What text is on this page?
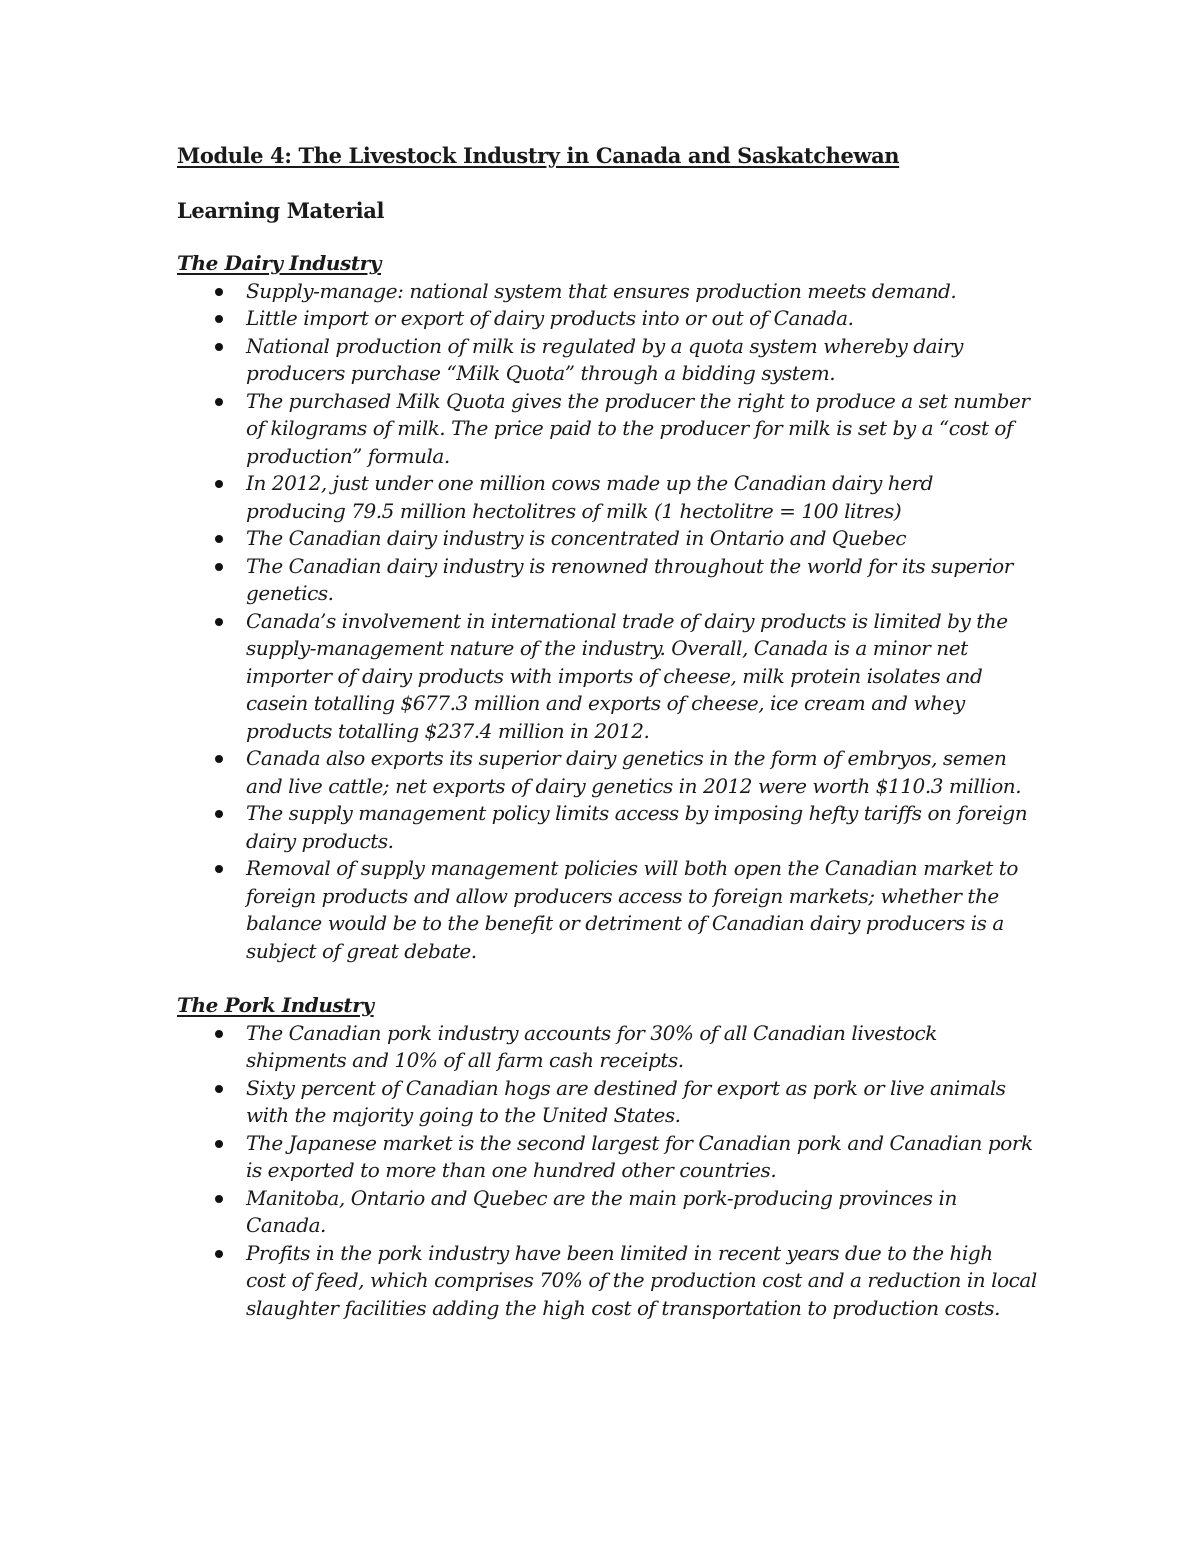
Module 4: The Livestock Industry in Canada and Saskatchewan
Learning Material
The Dairy Industry
Supply-manage: national system that ensures production meets demand.
Little import or export of dairy products into or out of Canada.
National production of milk is regulated by a quota system whereby dairy producers purchase “Milk Quota” through a bidding system.
The purchased Milk Quota gives the producer the right to produce a set number of kilograms of milk. The price paid to the producer for milk is set by a “cost of production” formula.
In 2012, just under one million cows made up the Canadian dairy herd producing 79.5 million hectolitres of milk (1 hectolitre = 100 litres)
The Canadian dairy industry is concentrated in Ontario and Quebec
The Canadian dairy industry is renowned throughout the world for its superior genetics.
Canada’s involvement in international trade of dairy products is limited by the supply-management nature of the industry. Overall, Canada is a minor net importer of dairy products with imports of cheese, milk protein isolates and casein totalling $677.3 million and exports of cheese, ice cream and whey products totalling $237.4 million in 2012.
Canada also exports its superior dairy genetics in the form of embryos, semen and live cattle; net exports of dairy genetics in 2012 were worth $110.3 million.
The supply management policy limits access by imposing hefty tariffs on foreign dairy products.
Removal of supply management policies will both open the Canadian market to foreign products and allow producers access to foreign markets; whether the balance would be to the benefit or detriment of Canadian dairy producers is a subject of great debate.
The Pork Industry
The Canadian pork industry accounts for 30% of all Canadian livestock shipments and 10% of all farm cash receipts.
Sixty percent of Canadian hogs are destined for export as pork or live animals with the majority going to the United States.
The Japanese market is the second largest for Canadian pork and Canadian pork is exported to more than one hundred other countries.
Manitoba, Ontario and Quebec are the main pork-producing provinces in Canada.
Profits in the pork industry have been limited in recent years due to the high cost of feed, which comprises 70% of the production cost and a reduction in local slaughter facilities adding the high cost of transportation to production costs.
